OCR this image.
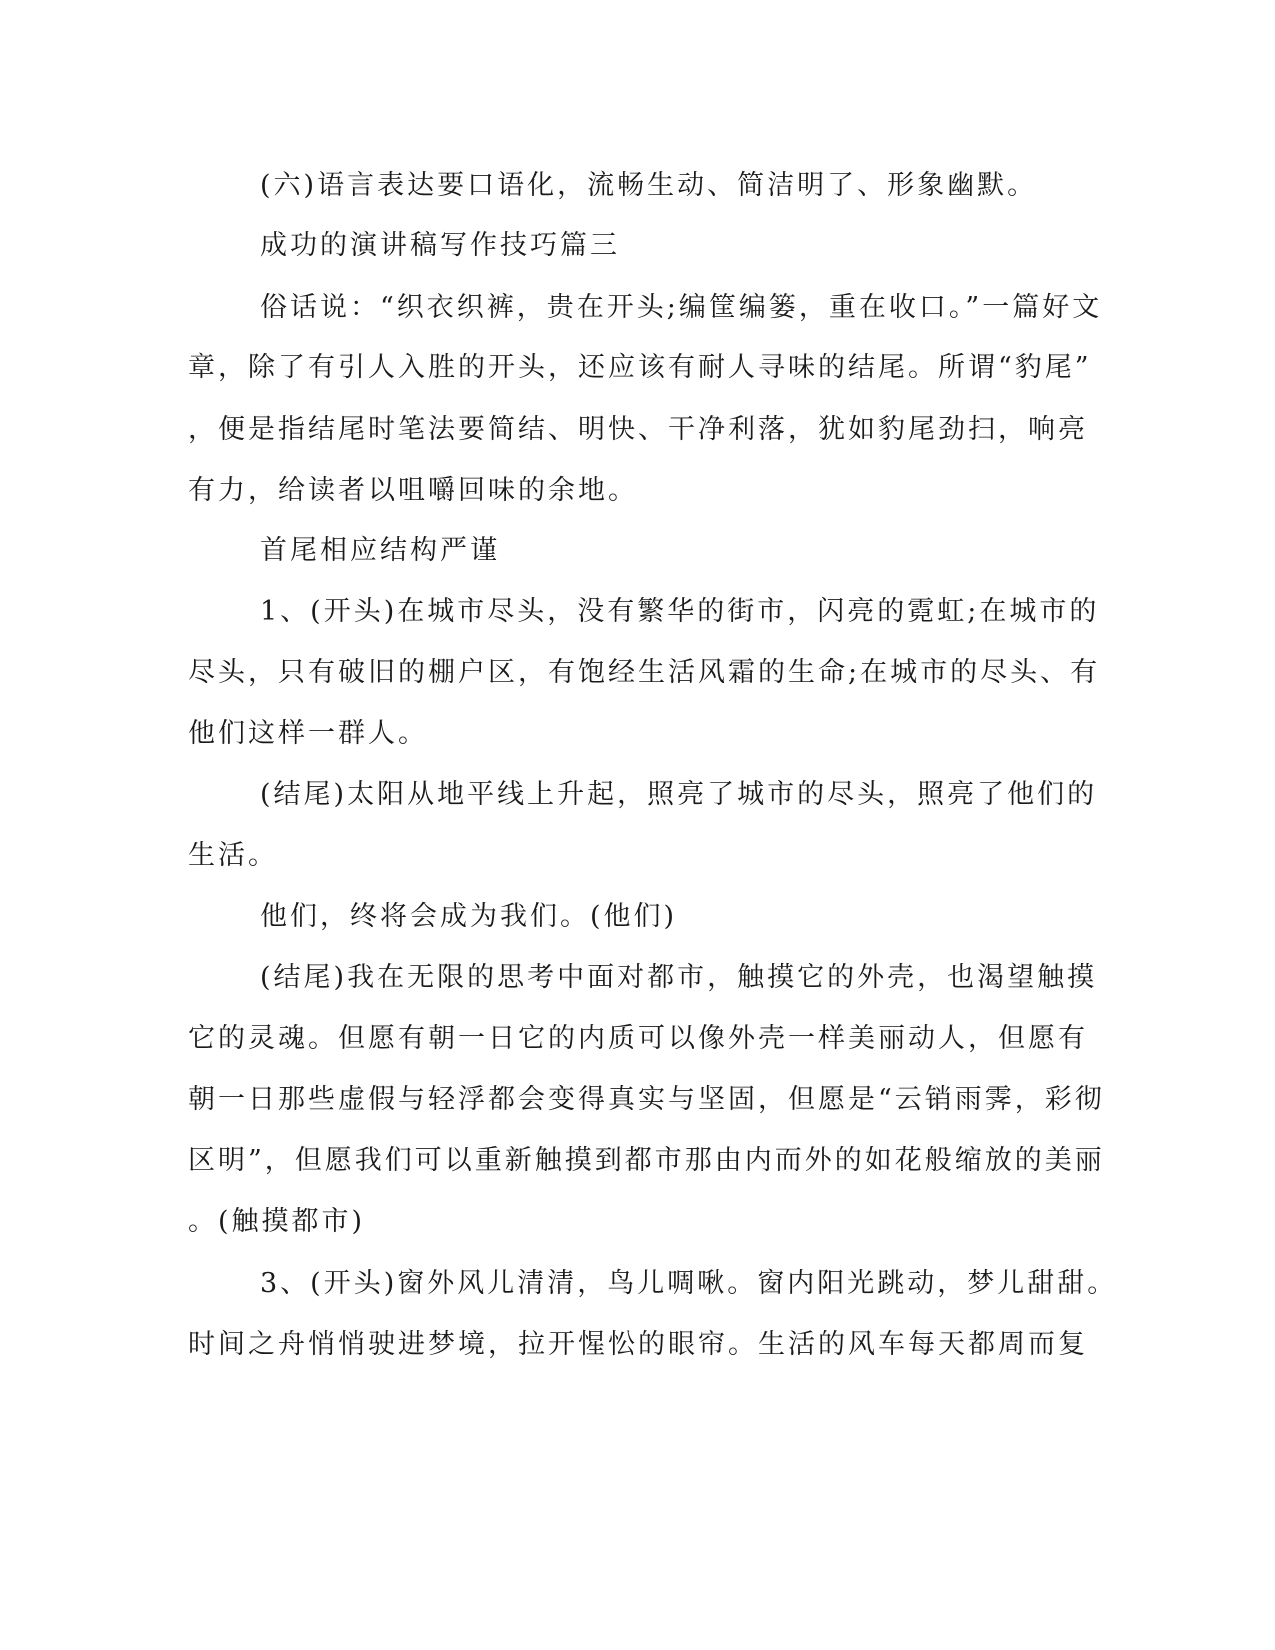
(六)语言表达要口语化，流畅生动、简洁明了、形象幽默。
成功的演讲稿写作技巧篇三
俗话说：“织衣织裤，贵在开头;编筐编篓，重在收口。”一篇好文
章，除了有引人入胜的开头，还应该有耐人寻味的结尾。所谓“豹尾”
，便是指结尾时笔法要简结、明快、干净利落，犹如豹尾劲扫，响亮
有力，给读者以咀嚼回味的余地。
首尾相应结构严谨
1、(开头)在城市尽头，没有繁华的街市，闪亮的霓虹;在城市的
尽头，只有破旧的棚户区，有饱经生活风霜的生命;在城市的尽头、有
他们这样一群人。
(结尾)太阳从地平线上升起，照亮了城市的尽头，照亮了他们的
生活。
他们，终将会成为我们。(他们)
(结尾)我在无限的思考中面对都市，触摸它的外壳，也渴望触摸
它的灵魂。但愿有朝一日它的内质可以像外壳一样美丽动人，但愿有
朝一日那些虚假与轻浮都会变得真实与坚固，但愿是“云销雨霁，彩彻
区明”，但愿我们可以重新触摸到都市那由内而外的如花般缩放的美丽
。(触摸都市)
3、(开头)窗外风儿清清，鸟儿啁啾。窗内阳光跳动，梦儿甜甜。
时间之舟悄悄驶进梦境，拉开惺忪的眼帘。生活的风车每天都周而复
